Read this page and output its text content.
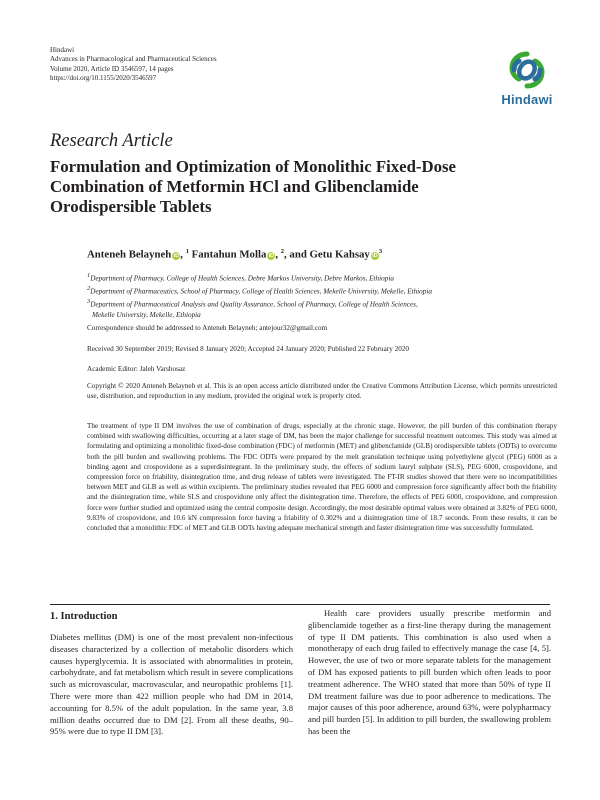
Hindawi
Advances in Pharmacological and Pharmaceutical Sciences
Volume 2020, Article ID 3546597, 14 pages
https://doi.org/10.1155/2020/3546597
Hindawi
Research Article
Formulation and Optimization of Monolithic Fixed-Dose
Combination of Metformin HCl and Glibenclamide
Orodispersible Tablets
Anteneh Belayneh iD, $^1$ Fantahun Molla iD, $^2$, and Getu Kahsay $iD^3$
$^1$Department of Pharmacy, College of Health Sciences, Debre Markos University, Debre Markos, Ethiopia
$^2$Department of Pharmaceutics, School of Pharmacy, College of Health Sciences, Mekelle University, Mekelle, Ethiopia
$^3$Department of Pharmaceutical Analysis and Quality Assurance, School of Pharmacy, College of Health Sciences,
Mekelle University, Mekelle, Ethiopia
Correspondence should be addressed to Anteneh Belayneh; antejour32@gmail.com
Received 30 September 2019; Revised 8 January 2020; Accepted 24 January 2020; Published 22 February 2020
Academic Editor: Jaleh Varshosaz
Copyright © 2020 Anteneh Belayneh et al. This is an open access article distributed under the Creative Commons Attribution License, which permits unrestricted use, distribution, and reproduction in any medium, provided the original work is properly cited.
The treatment of type II DM involves the use of combination of drugs, especially at the chronic stage. However, the pill burden of this combination therapy combined with swallowing difficulties, occurring at a later stage of DM, has been the major challenge for successful treatment outcomes. This study was aimed at formulating and optimizing a monolithic fixed-dose combination (FDC) of metformin (MET) and glibenclamide (GLB) orodispersible tablets (ODTs) to overcome both the pill burden and swallowing problems. The FDC ODTs were prepared by the melt granulation technique using polyethylene glycol (PEG) 6000 as a binding agent and crospovidone as a superdisintegrant. In the preliminary study, the effects of sodium lauryl sulphate (SLS), PEG 6000, crospovidone, and compression force on friability, disintegration time, and drug release of tablets were investigated. The FT-IR studies showed that there were no incompatibilities between MET and GLB as well as within excipients. The preliminary studies revealed that PEG 6000 and compression force significantly affect both the friability and the disintegration time, while SLS and crospovidone only affect the disintegration time. Therefore, the effects of PEG 6000, crospovidone, and compression force were further studied and optimized using the central composite design. Accordingly, the most desirable optimal values were obtained at 3.82% of PEG 6000, 9.83% of crospovidone, and 10.6 kN compression force having a friability of 0.302% and a disintegration time of 18.7 seconds. From these results, it can be concluded that a monolithic FDC of MET and GLB ODTs having adequate mechanical strength and faster disintegration time was successfully formulated.
1. Introduction
Diabetes mellitus (DM) is one of the most prevalent non-infectious diseases characterized by a collection of metabolic disorders which causes hyperglycemia. It is associated with abnormalities in protein, carbohydrate, and fat metabolism which result in severe complications such as microvascular, macrovascular, and neuropathic problems [1]. There were more than 422 million people who had DM in 2014, accounting for 8.5% of the adult population. In the same year, 3.8 million deaths occurred due to DM [2]. From all these deaths, 90–95% were due to type II DM [3].
Health care providers usually prescribe metformin and glibenclamide together as a first-line therapy during the management of type II DM patients. This combination is also used when a monotherapy of each drug failed to effectively manage the case [4, 5]. However, the use of two or more separate tablets for the management of DM has exposed patients to pill burden which often leads to poor treatment adherence. The WHO stated that more than 50% of type II DM treatment failure was due to poor adherence to medications. The major causes of this poor adherence, around 63%, were polypharmacy and pill burden [5]. In addition to pill burden, the swallowing problem has been the
